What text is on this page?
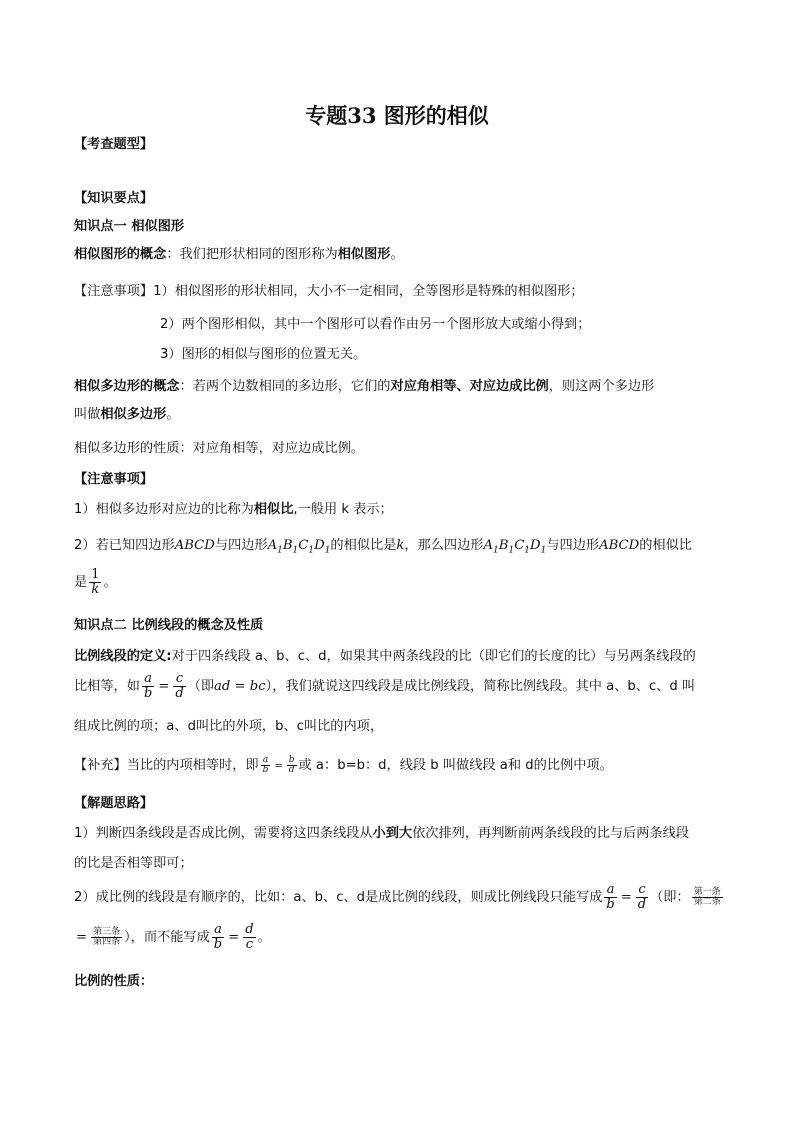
专题33 图形的相似
【考查题型】
【知识要点】
知识点一 相似图形
相似图形的概念：我们把形状相同的图形称为相似图形。
【注意事项】1）相似图形的形状相同，大小不一定相同，全等图形是特殊的相似图形；
2）两个图形相似，其中一个图形可以看作由另一个图形放大或缩小得到；
3）图形的相似与图形的位置无关。
相似多边形的概念：若两个边数相同的多边形，它们的对应角相等、对应边成比例，则这两个多边形
叫做相似多边形。
相似多边形的性质：对应角相等，对应边成比例。
【注意事项】
1）相似多边形对应边的比称为相似比,一般用 k 表示；
2）若已知四边形ABCD与四边形$A_1B_1C_1D_1$的相似比是k，那么四边形$A_1B_1C_1D_1$与四边形ABCD的相似比
是 $\frac{1}{k}$ 。
知识点二 比例线段的概念及性质
比例线段的定义:对于四条线段 a、b、c、d，如果其中两条线段的比（即它们的长度的比）与另两条线段的
比相等，如 $\frac{a}{b} = \frac{c}{d}$ （即ad = bc），我们就说这四线段是成比例线段，简称比例线段。其中 a、b、c、d 叫
组成比例的项；a、d叫比的外项，b、c叫比的内项，
【补充】当比的内项相等时，即 $\frac{a}{b} = \frac{b}{d}$ 或 a：b=b：d，线段 b 叫做线段 a和 d的比例中项。
【解题思路】
1）判断四条线段是否成比例，需要将这四条线段从小到大依次排列，再判断前两条线段的比与后两条线段
的比是否相等即可；
2）成比例的线段是有顺序的，比如：a、b、c、d是成比例的线段，则成比例线段只能写成 $\frac{a}{b} = \frac{c}{d}$ （即： $\frac{\text{第一条}}{\text{第二条}}$
= $\frac{\text{第三条}}{\text{第四条}}$ ），而不能写成 $\frac{a}{b} = \frac{d}{c}$ 。
比例的性质：
